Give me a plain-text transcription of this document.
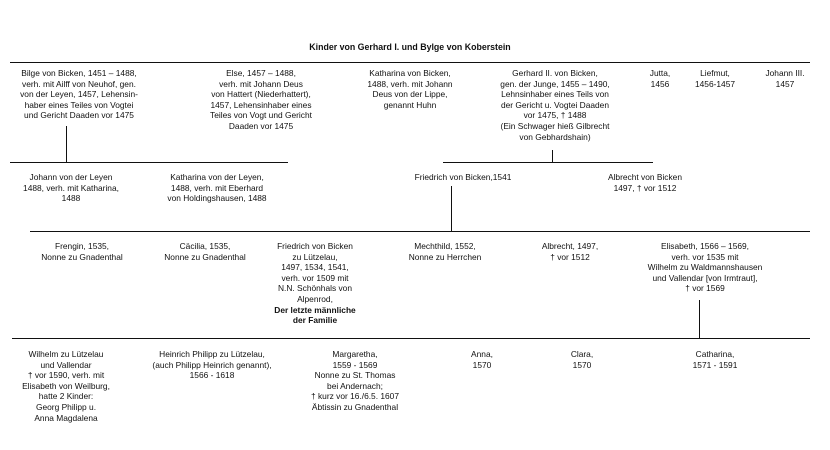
Kinder von Gerhard I. und Bylge von Koberstein
Bilge von Bicken, 1451 – 1488,
verh. mit Ailff von Neuhof, gen.
von der Leyen, 1457, Lehensin-
haber eines Teiles von Vogtei
und Gericht Daaden vor 1475
Else, 1457 – 1488,
verh. mit Johann Deus
von Hattert (Niederhattert),
1457, Lehensinhaber eines
Teiles von Vogt und Gericht
Daaden vor 1475
Katharina von Bicken,
1488, verh. mit Johann
Deus von der Lippe,
genannt Huhn
Gerhard II. von Bicken,
gen. der Junge, 1455 – 1490,
Lehnsinhaber eines Teils von
der Gericht u. Vogtei Daaden
vor 1475, † 1488
(Ein Schwager hieß Gilbrecht
von Gebhardshain)
Jutta,
1456
Liefmut,
1456-1457
Johann III.
1457
Johann von der Leyen
1488, verh. mit Katharina,
1488
Katharina von der Leyen,
1488, verh. mit Eberhard
von Holdingshausen, 1488
Friedrich von Bicken,1541	Albrecht von Bicken
1497, † vor 1512
Frengin, 1535,
Nonne zu Gnadenthal
Cäcilia, 1535,
Nonne zu Gnadenthal
Friedrich von Bicken
zu Lützelau,
1497, 1534, 1541,
verh. vor 1509 mit
N.N. Schönhals von
Alpenrod,
Der letzte männliche
der Familie
Mechthild, 1552,
Nonne zu Herrchen
Albrecht, 1497,
† vor 1512
Elisabeth, 1566 – 1569,
verh. vor 1535 mit
Wilhelm zu Waldmannshausen
und Vallendar [von Irmtraut],
† vor 1569
Wilhelm zu Lützelau
und Vallendar
† vor 1590, verh. mit
Elisabeth von Weilburg,
hatte 2 Kinder:
Georg Philipp u.
Anna Magdalena
Heinrich Philipp zu Lützelau,
(auch Philipp Heinrich genannt),
1566 - 1618
Margaretha,
1559 - 1569
Nonne zu St. Thomas
bei Andernach;
† kurz vor 16./6.5. 1607
Äbtissin zu Gnadenthal
Anna,
1570
Clara,
1570
Catharina,
1571 - 1591
